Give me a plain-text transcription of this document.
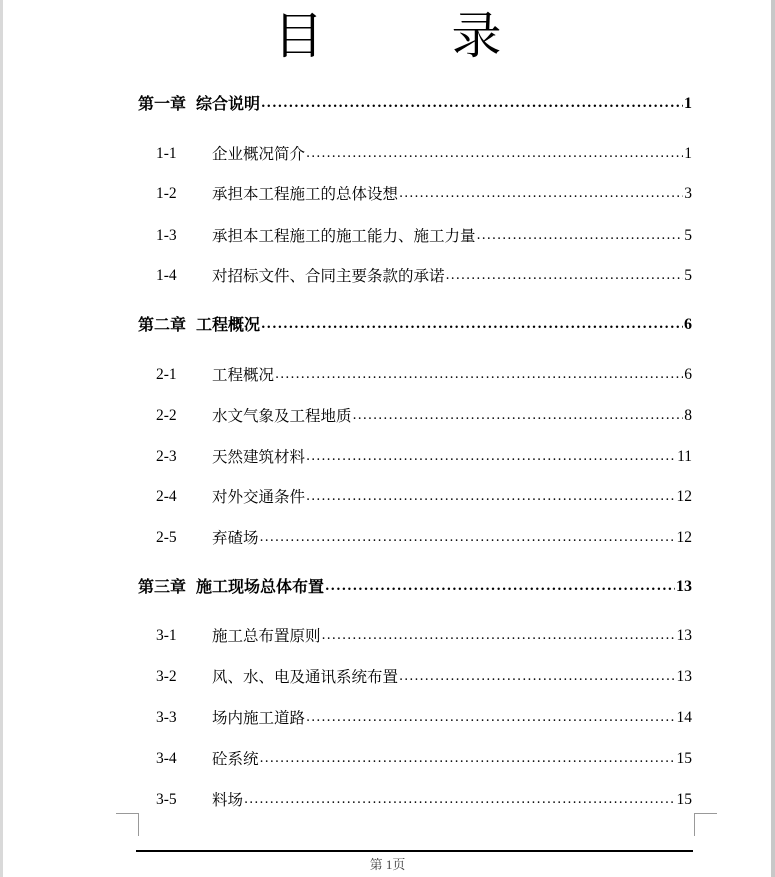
目 录
第一章 综合说明 .....	1
1-1	企业概况简介 .....	1
1-2	承担本工程施工的总体设想 .....	3
1-3	承担本工程施工的施工能力、施工力量 .....	5
1-4	对招标文件、合同主要条款的承诺 .....	5
第二章 工程概况 .....	6
2-1	工程概况 .....	6
2-2	水文气象及工程地质 .....	8
2-3	天然建筑材料 .....	11
2-4	对外交通条件 .....	12
2-5	弃碴场 .....	12
第三章 施工现场总体布置 .....	13
3-1	施工总布置原则 .....	13
3-2	风、水、电及通讯系统布置 .....	13
3-3	场内施工道路 .....	14
3-4	砼系统 .....	15
3-5	料场 .....	15
第 1页
